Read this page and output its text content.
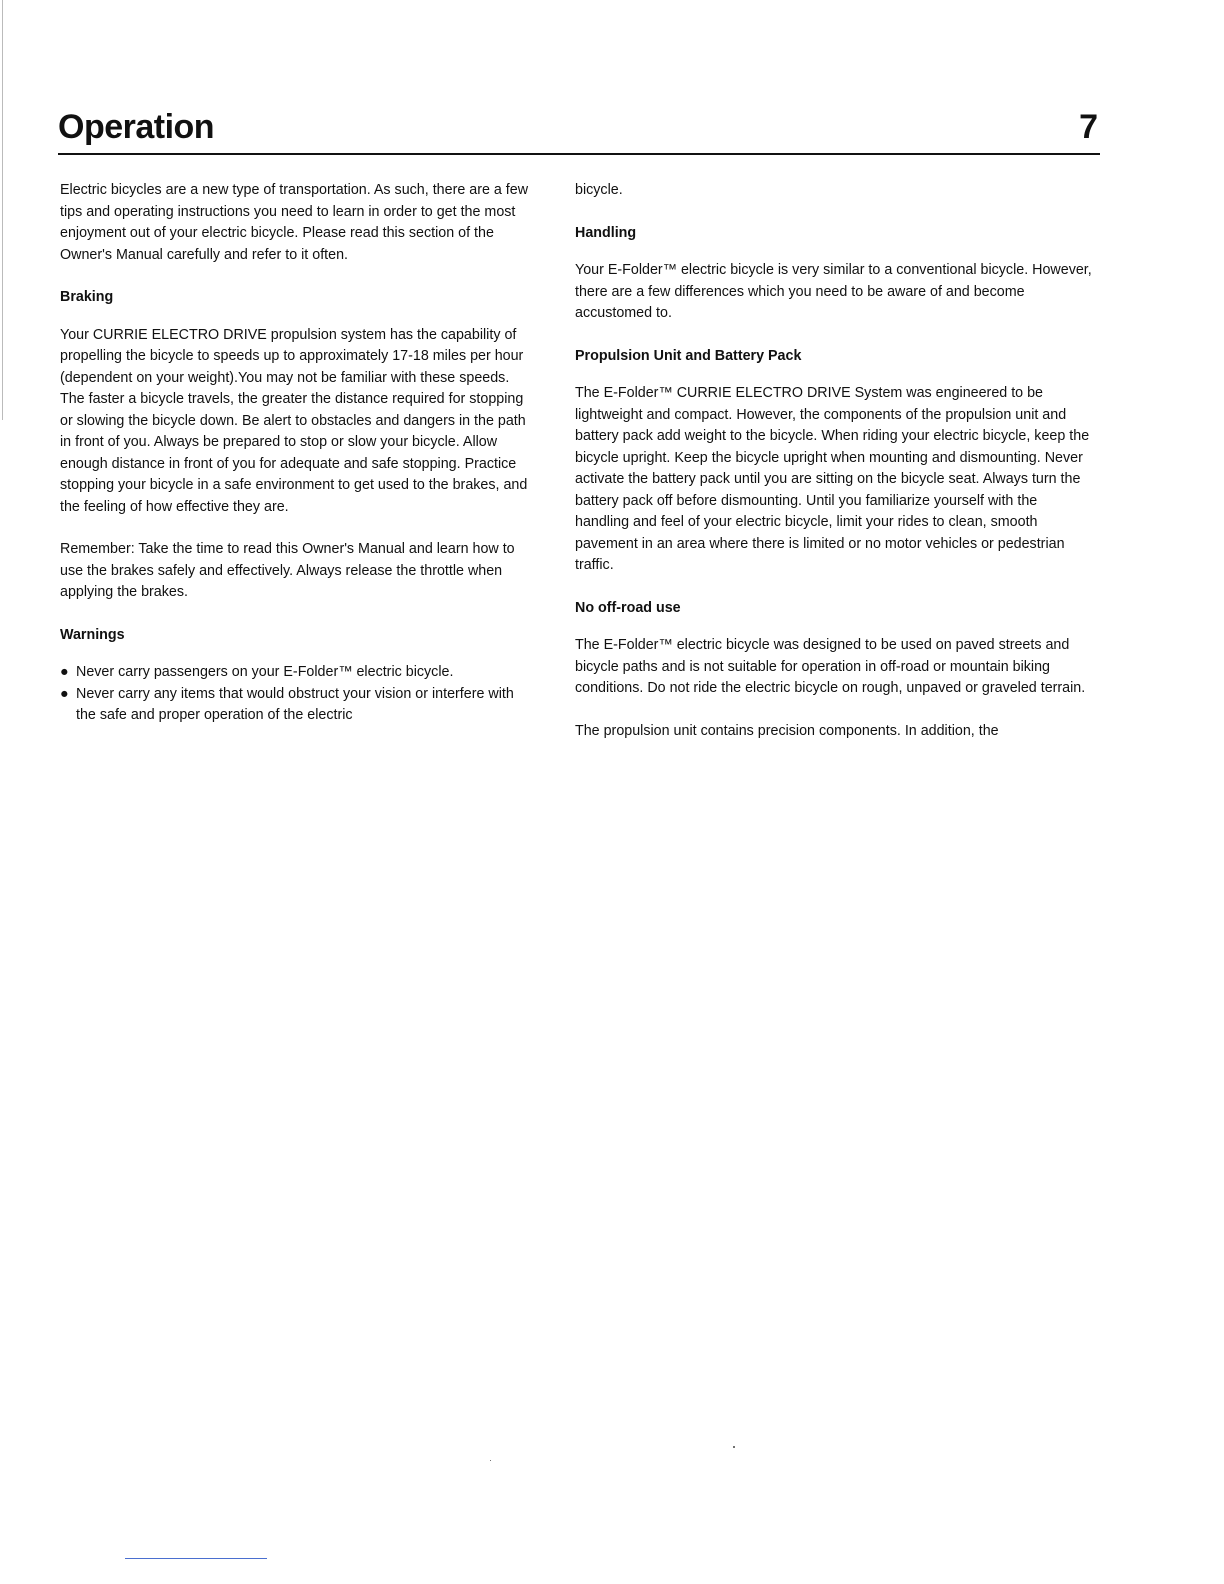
Operation	7

Electric bicycles are a new type of transportation. As such, there are a few tips and operating instructions you need to learn in order to get the most enjoyment out of your electric bicycle. Please read this section of the Owner's Manual carefully and refer to it often.

Braking

Your CURRIE ELECTRO DRIVE propulsion system has the capability of propelling the bicycle to speeds up to approximately 17-18 miles per hour (dependent on your weight).You may not be familiar with these speeds. The faster a bicycle travels, the greater the distance required for stopping or slowing the bicycle down. Be alert to obstacles and dangers in the path in front of you. Always be prepared to stop or slow your bicycle. Allow enough distance in front of you for adequate and safe stopping. Practice stopping your bicycle in a safe environment to get used to the brakes, and the feeling of how effective they are.

Remember: Take the time to read this Owner's Manual and learn how to use the brakes safely and effectively. Always release the throttle when applying the brakes.

Warnings
● Never carry passengers on your E-Folder™ electric bicycle.
● Never carry any items that would obstruct your vision or interfere with the safe and proper operation of the electric

bicycle.

Handling

Your E-Folder™ electric bicycle is very similar to a conventional bicycle. However, there are a few differences which you need to be aware of and become accustomed to.

Propulsion Unit and Battery Pack

The E-Folder™ CURRIE ELECTRO DRIVE System was engineered to be lightweight and compact. However, the components of the propulsion unit and battery pack add weight to the bicycle. When riding your electric bicycle, keep the bicycle upright. Keep the bicycle upright when mounting and dismounting. Never activate the battery pack until you are sitting on the bicycle seat. Always turn the battery pack off before dismounting. Until you familiarize yourself with the handling and feel of your electric bicycle, limit your rides to clean, smooth pavement in an area where there is limited or no motor vehicles or pedestrian traffic.

No off-road use

The E-Folder™ electric bicycle was designed to be used on paved streets and bicycle paths and is not suitable for operation in off-road or mountain biking conditions. Do not ride the electric bicycle on rough, unpaved or graveled terrain.

The propulsion unit contains precision components. In addition, the
